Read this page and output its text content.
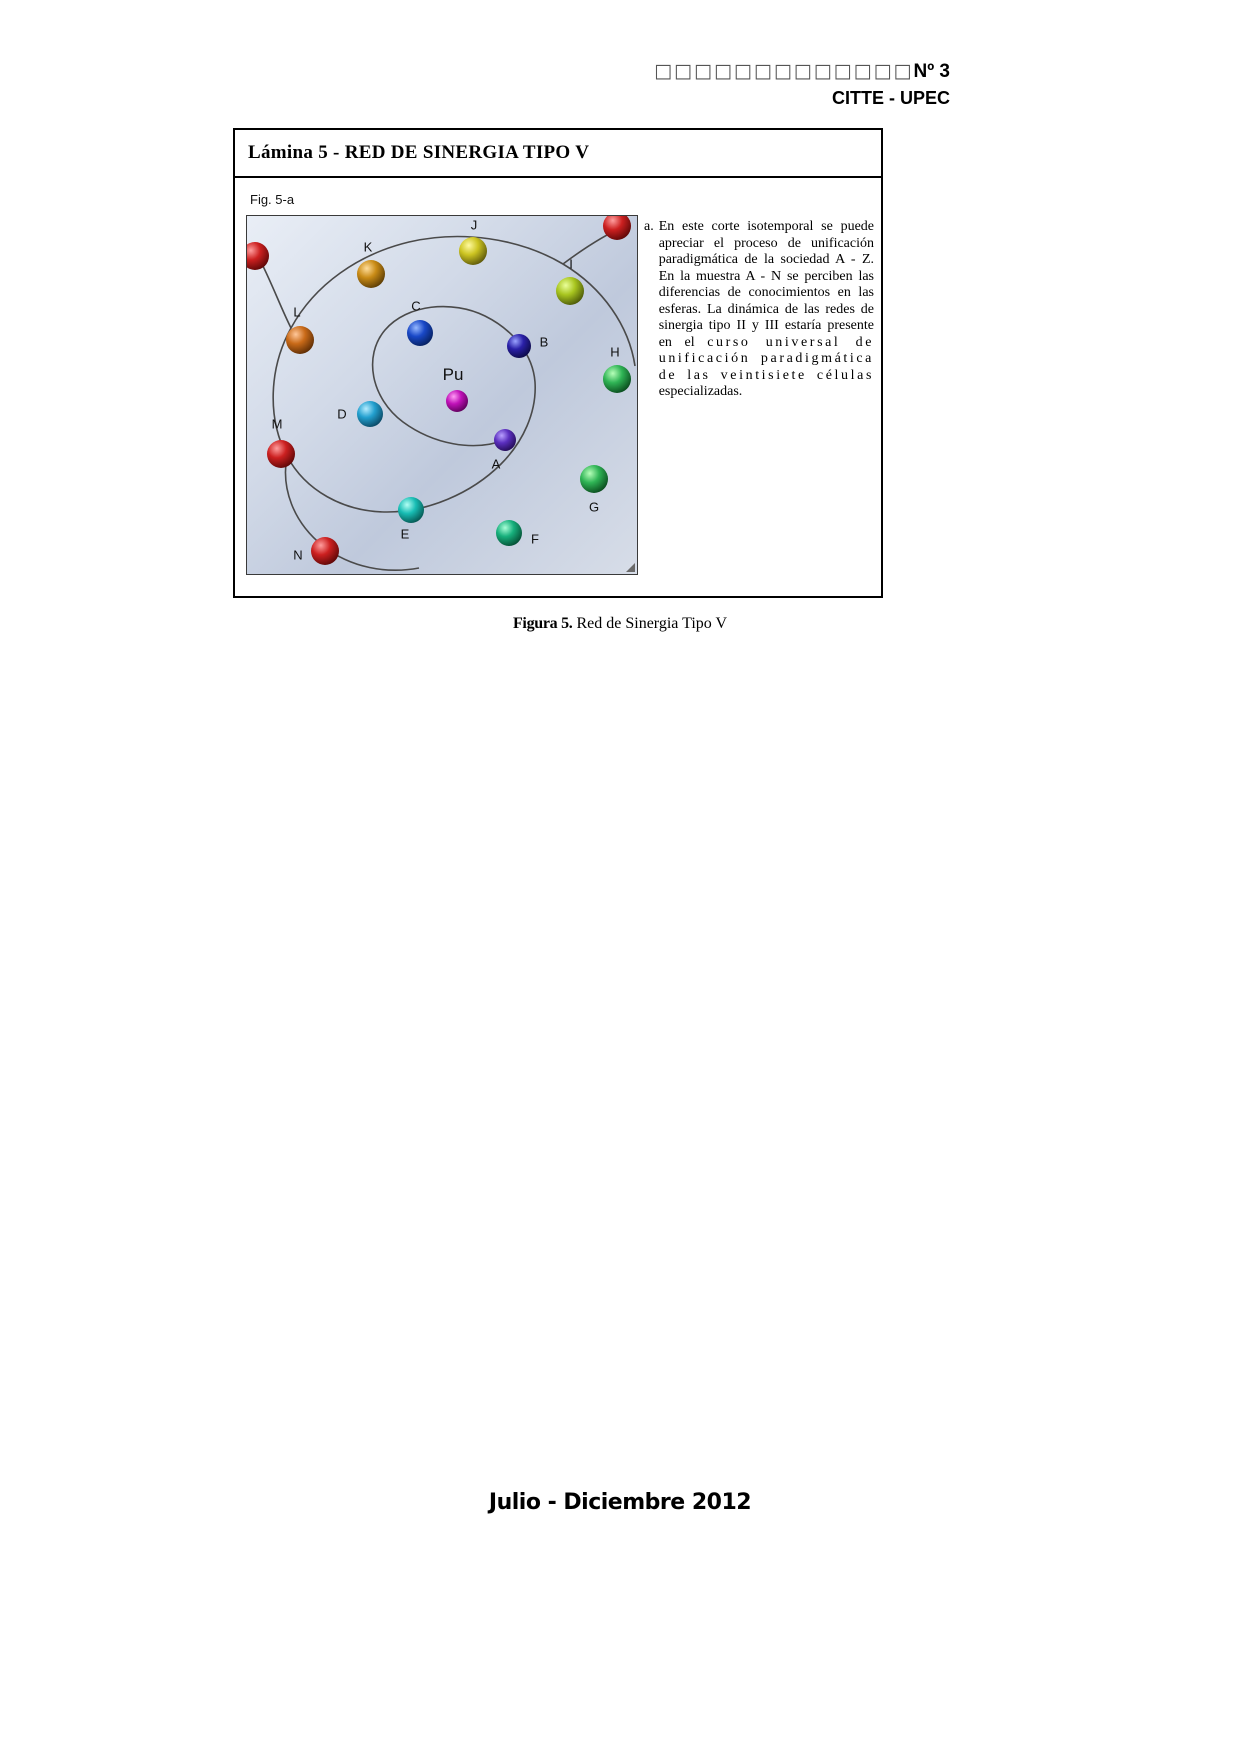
□□□□□□□□□□□□□Nº 3
CITTE - UPEC
Lámina 5 - RED DE SINERGIA TIPO V
Fig. 5-a
Pu
A
B
C
D
E	F
G
H
I
J
K
L
M
N
a. En este corte isotemporal se puede apreciar el proceso de unificación paradigmática de la sociedad A - Z. En la muestra A - N se perciben las diferencias de conocimientos en las esferas. La dinámica de las redes de sinergia tipo II y III estaría presente en el curso universal de unificación paradigmática de las veintisiete células especializadas.
Figura 5. Red de Sinergia Tipo V
Julio - Diciembre 2012
